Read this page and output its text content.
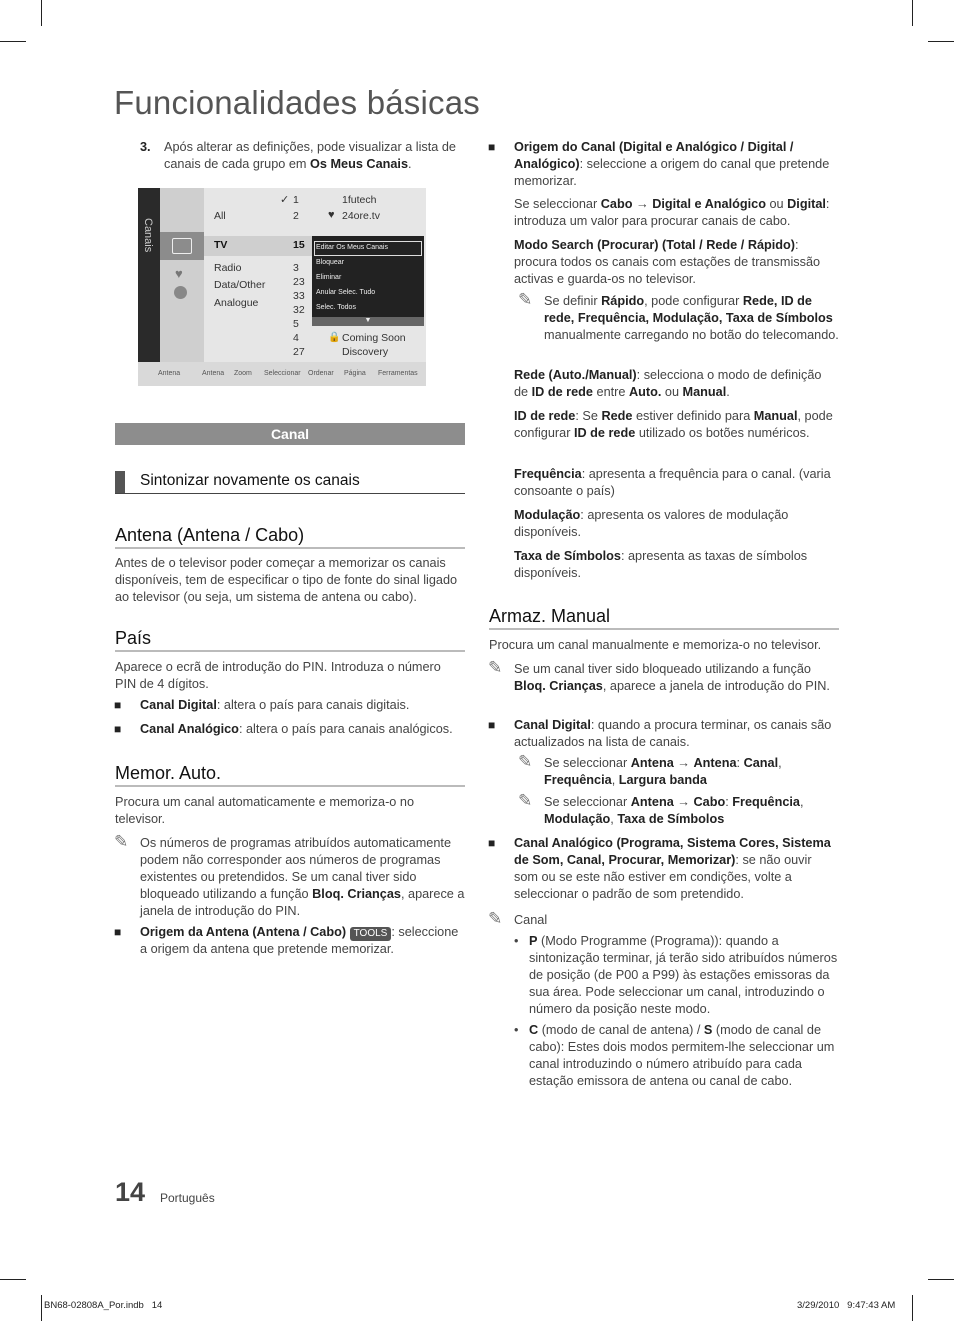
Funcionalidades básicas
3. Após alterar as definições, pode visualizar a lista de canais de cada grupo em Os Meus Canais.

Canais
♥
All
TV
Radio
Data/Other
Analogue
✓ 1
2
15
3
23
33
32
5
4
27
1futech
♥ 24ore.tv
🔒 Coming Soon
Discovery
Editar Os Meus Canais
Bloquear
Eliminar
Anular Selec. Tudo
Selec. Todos
▼
Antena	Antena Zoom Seleccionar Ordenar Página Ferramentas
Canal
Sintonizar novamente os canais
Antena (Antena / Cabo)
Antes de o televisor poder começar a memorizar os canais disponíveis, tem de especificar o tipo de fonte do sinal ligado ao televisor (ou seja, um sistema de antena ou cabo).
País
Aparece o ecrã de introdução do PIN. Introduza o número PIN de 4 dígitos.

■ Canal Digital: altera o país para canais digitais.

■ Canal Analógico: altera o país para canais analógicos.

Memor. Auto.
Procura um canal automaticamente e memoriza-o no televisor.
✎ Os números de programas atribuídos automaticamente podem não corresponder aos números de programas existentes ou pretendidos. Se um canal tiver sido bloqueado utilizando a função Bloq. Crianças, aparece a janela de introdução do PIN.

■ Origem da Antena (Antena / Cabo) TOOLS : seleccione a origem da antena que pretende memorizar.

■ Origem do Canal (Digital e Analógico / Digital / Analógico): seleccione a origem do canal que pretende memorizar.

Se seleccionar Cabo → Digital e Analógico ou Digital: introduza um valor para procurar canais de cabo.

Modo Search (Procurar) (Total / Rede / Rápido): procura todos os canais com estações de transmissão activas e guarda-os no televisor.

✎ Se definir Rápido, pode configurar Rede, ID de rede, Frequência, Modulação, Taxa de Símbolos manualmente carregando no botão do telecomando.

Rede (Auto./Manual): selecciona o modo de definição de ID de rede entre Auto. ou Manual.

ID de rede: Se Rede estiver definido para Manual, pode configurar ID de rede utilizado os botões numéricos.

Frequência: apresenta a frequência para o canal. (varia consoante o país)

Modulação: apresenta os valores de modulação disponíveis.

Taxa de Símbolos: apresenta as taxas de símbolos disponíveis.

Armaz. Manual
Procura um canal manualmente e memoriza-o no televisor.
✎ Se um canal tiver sido bloqueado utilizando a função Bloq. Crianças, aparece a janela de introdução do PIN.

■ Canal Digital: quando a procura terminar, os canais são actualizados na lista de canais.

✎ Se seleccionar Antena → Antena: Canal, Frequência, Largura banda

✎ Se seleccionar Antena → Cabo: Frequência, Modulação, Taxa de Símbolos

■ Canal Analógico (Programa, Sistema Cores, Sistema de Som, Canal, Procurar, Memorizar): se não ouvir som ou se este não estiver em condições, volte a seleccionar o padrão de som pretendido.

✎ Canal

• P (Modo Programme (Programa)): quando a sintonização terminar, já terão sido atribuídos números de posição (de P00 a P99) às estações emissoras da sua área. Pode seleccionar um canal, introduzindo o número da posição neste modo.

• C (modo de canal de antena) / S (modo de canal de cabo): Estes dois modos permitem-lhe seleccionar um canal introduzindo o número atribuído para cada estação emissora de antena ou canal de cabo.

14 Português
BN68-02808A_Por.indb   14	3/29/2010   9:47:43 AM
